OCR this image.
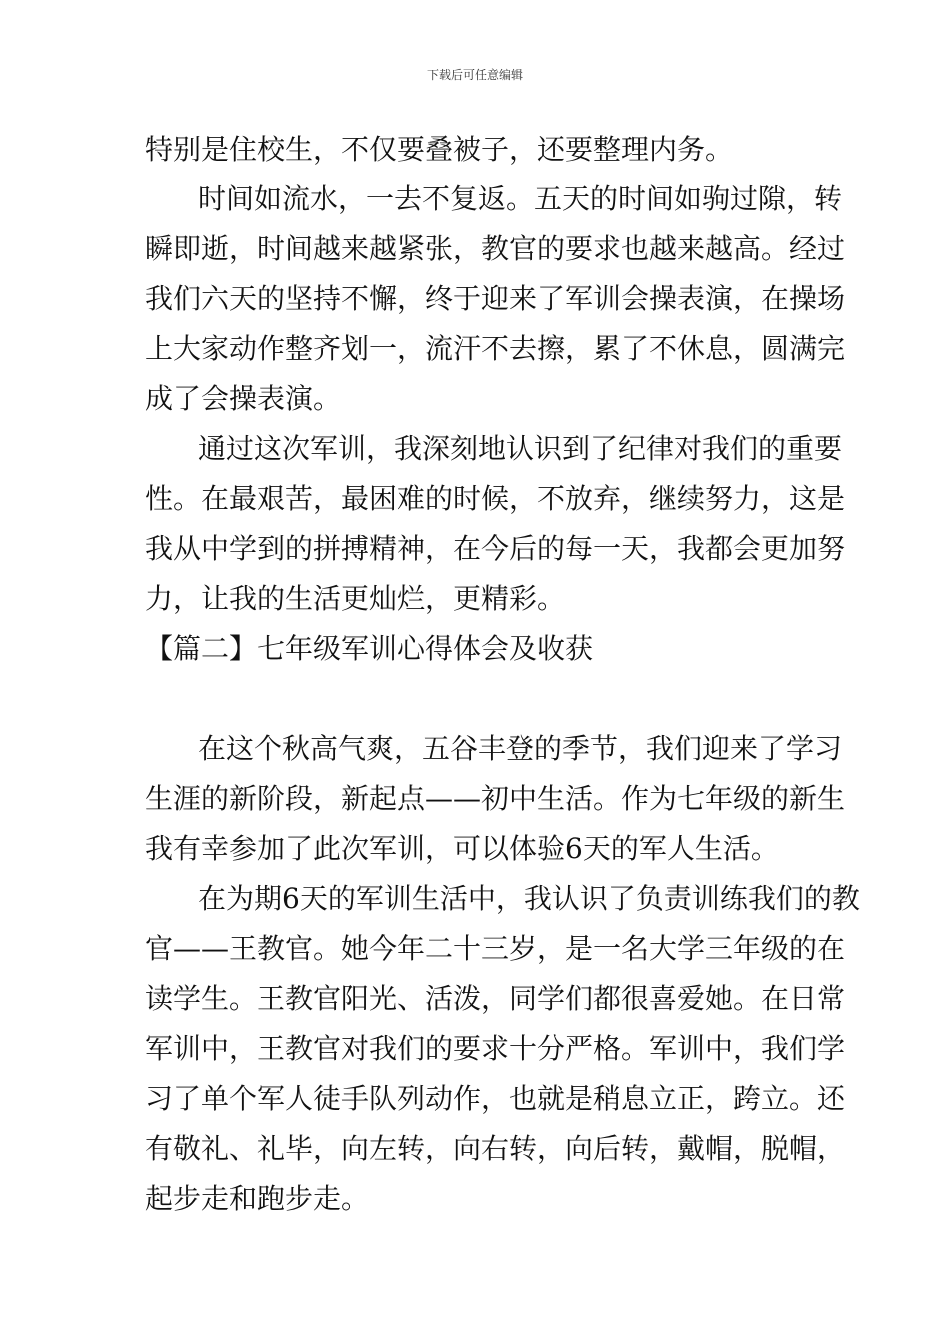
下载后可任意编辑
特别是住校生，不仅要叠被子，还要整理内务。
时间如流水，一去不复返。五天的时间如驹过隙，转
瞬即逝，时间越来越紧张，教官的要求也越来越高。经过
我们六天的坚持不懈，终于迎来了军训会操表演，在操场
上大家动作整齐划一，流汗不去擦，累了不休息，圆满完
成了会操表演。
通过这次军训，我深刻地认识到了纪律对我们的重要
性。在最艰苦，最困难的时候，不放弃，继续努力，这是
我从中学到的拼搏精神，在今后的每一天，我都会更加努
力，让我的生活更灿烂，更精彩。
【篇二】七年级军训心得体会及收获
在这个秋高气爽，五谷丰登的季节，我们迎来了学习
生涯的新阶段，新起点——初中生活。作为七年级的新生
我有幸参加了此次军训，可以体验6天的军人生活。
在为期6天的军训生活中，我认识了负责训练我们的教
官——王教官。她今年二十三岁，是一名大学三年级的在
读学生。王教官阳光、活泼，同学们都很喜爱她。在日常
军训中，王教官对我们的要求十分严格。军训中，我们学
习了单个军人徒手队列动作，也就是稍息立正，跨立。还
有敬礼、礼毕，向左转，向右转，向后转，戴帽，脱帽，
起步走和跑步走。
